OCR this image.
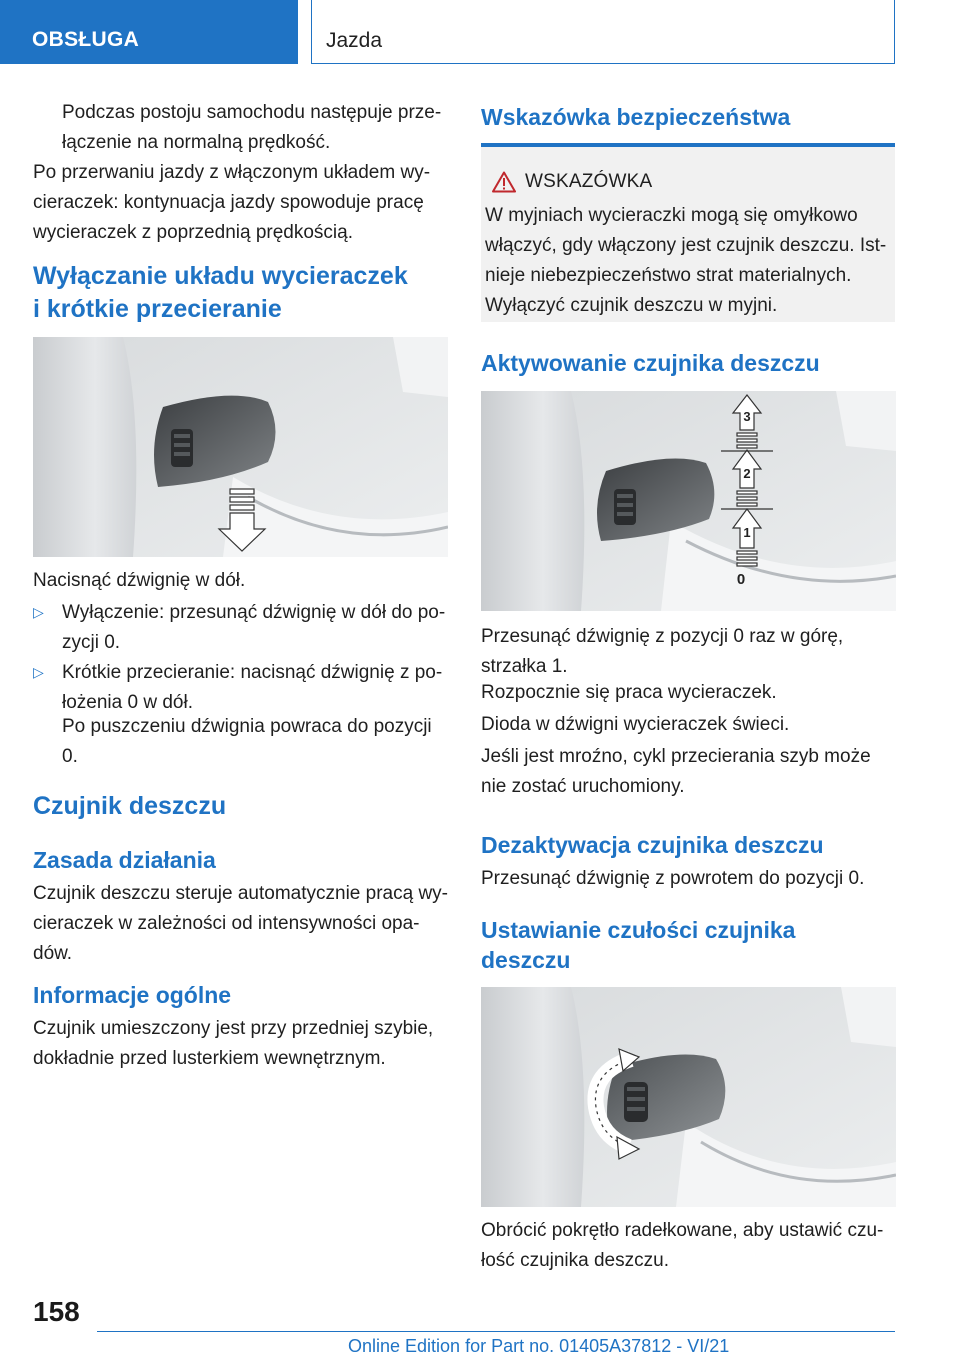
OBSŁUGA	Jazda

Podczas postoju samochodu następuje prze-
łączenie na normalną prędkość.

Po przerwaniu jazdy z włączonym układem wy-
cieraczek: kontynuacja jazdy spowoduje pracę
wycieraczek z poprzednią prędkością.

Wyłączanie układu wycieraczek
i krótkie przecieranie

Nacisnąć dźwignię w dół.

▷ Wyłączenie: przesunąć dźwignię w dół do po-
zycji 0.

▷ Krótkie przecieranie: nacisnąć dźwignię z po-
łożenia 0 w dół.

Po puszczeniu dźwignia powraca do pozycji
0.

Czujnik deszczu
Zasada działania

Czujnik deszczu steruje automatycznie pracą wy-
cieraczek w zależności od intensywności opa-
dów.

Informacje ogólne

Czujnik umieszczony jest przy przedniej szybie,
dokładnie przed lusterkiem wewnętrznym.

Wskazówka bezpieczeństwa
WSKAZÓWKA

W myjniach wycieraczki mogą się omyłkowo
włączyć, gdy włączony jest czujnik deszczu. Ist-
nieje niebezpieczeństwo strat materialnych.
Wyłączyć czujnik deszczu w myjni.

Aktywowanie czujnika deszczu
3
2
1
0

Przesunąć dźwignię z pozycji 0 raz w górę,
strzałka 1.

Rozpocznie się praca wycieraczek.

Dioda w dźwigni wycieraczek świeci.

Jeśli jest mroźno, cykl przecierania szyb może
nie zostać uruchomiony.

Dezaktywacja czujnika deszczu

Przesunąć dźwignię z powrotem do pozycji 0.

Ustawianie czułości czujnika
deszczu

Obrócić pokrętło radełkowane, aby ustawić czu-
łość czujnika deszczu.

158
Online Edition for Part no. 01405A37812 - VI/21
